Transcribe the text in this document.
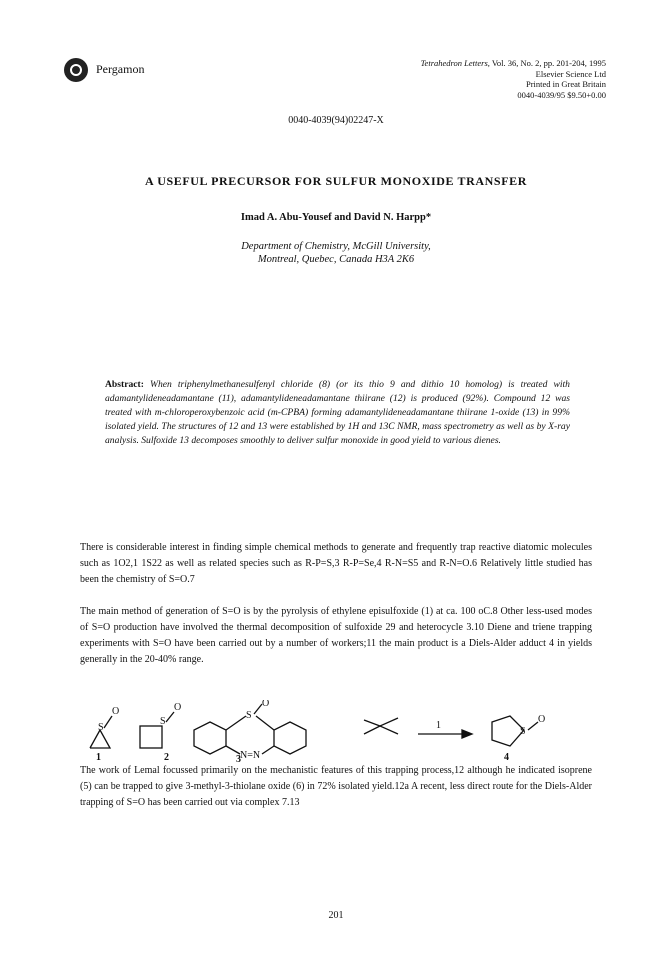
Pergamon	Tetrahedron Letters, Vol. 36, No. 2, pp. 201-204, 1995
Elsevier Science Ltd
Printed in Great Britain
0040-4039/95 $9.50+0.00
0040-4039(94)02247-X
A USEFUL PRECURSOR FOR SULFUR MONOXIDE TRANSFER
Imad A. Abu-Yousef and David N. Harpp*
Department of Chemistry, McGill University,
Montreal, Quebec, Canada H3A 2K6
Abstract: When triphenylmethanesulfenyl chloride (8) (or its thio 9 and dithio 10 homolog) is treated with adamantylideneadamantane (11), adamantylideneadamantane thiirane (12) is produced (92%). Compound 12 was treated with m-chloroperoxybenzoic acid (m-CPBA) forming adamantylideneadamantane thiirane 1-oxide (13) in 99% isolated yield. The structures of 12 and 13 were established by 1H and 13C NMR, mass spectrometry as well as by X-ray analysis. Sulfoxide 13 decomposes smoothly to deliver sulfur monoxide in good yield to various dienes.
There is considerable interest in finding simple chemical methods to generate and frequently trap reactive diatomic molecules such as 1O2,1 1S22 as well as related species such as R-P=S,3 R-P=Se,4 R-N=S5 and R-N=O.6 Relatively little studied has been the chemistry of S=O.7
The main method of generation of S=O is by the pyrolysis of ethylene episulfoxide (1) at ca. 100 oC.8 Other less-used modes of S=O production have involved the thermal decomposition of sulfoxide 29 and heterocycle 3.10 Diene and triene trapping experiments with S=O have been carried out by a number of workers;11 the main product is a Diels-Alder adduct 4 in yields generally in the 20-40% range.
S
O
S
O
S
O
N=N
1
S
O
1	2	3	4
The work of Lemal focussed primarily on the mechanistic features of this trapping process,12 although he indicated isoprene (5) can be trapped to give 3-methyl-3-thiolane oxide (6) in 72% isolated yield.12a A recent, less direct route for the Diels-Alder trapping of S=O has been carried out via complex 7.13
201
